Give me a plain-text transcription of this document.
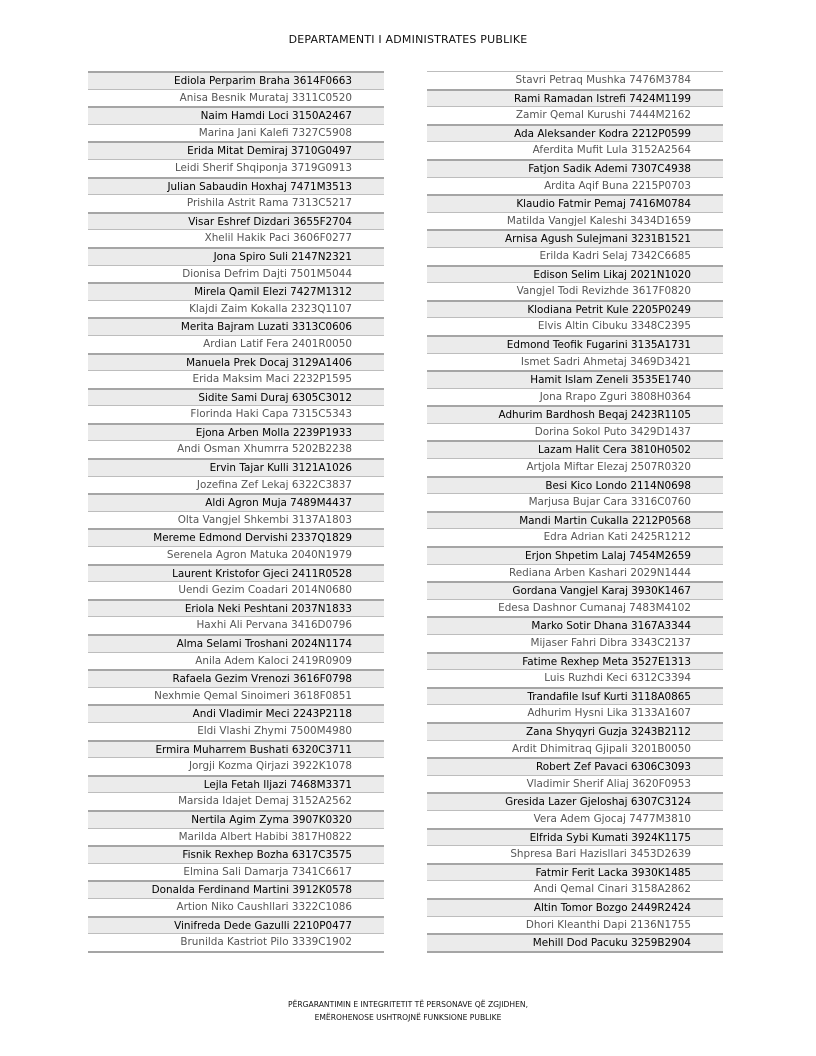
DEPARTAMENTI I ADMINISTRATES PUBLIKE
Ediola Perparim Braha 3614F0663
Anisa Besnik Murataj 3311C0520
Naim Hamdi Loci 3150A2467
Marina Jani Kalefi 7327C5908
Erida Mitat Demiraj 3710G0497
Leidi Sherif Shqiponja 3719G0913
Julian Sabaudin Hoxhaj 7471M3513
Prishila Astrit Rama 7313C5217
Visar Eshref Dizdari 3655F2704
Xhelil Hakik Paci 3606F0277
Jona Spiro Suli 2147N2321
Dionisa Defrim Dajti 7501M5044
Mirela Qamil Elezi 7427M1312
Klajdi Zaim Kokalla 2323Q1107
Merita Bajram Luzati 3313C0606
Ardian Latif Fera 2401R0050
Manuela Prek Docaj 3129A1406
Erida Maksim Maci 2232P1595
Sidite Sami Duraj 6305C3012
Florinda Haki Capa 7315C5343
Ejona Arben Molla 2239P1933
Andi Osman Xhumrra 5202B2238
Ervin Tajar Kulli 3121A1026
Jozefina Zef Lekaj 6322C3837
Aldi Agron Muja 7489M4437
Olta Vangjel Shkembi 3137A1803
Mereme Edmond Dervishi 2337Q1829
Serenela Agron Matuka 2040N1979
Laurent Kristofor Gjeci 2411R0528
Uendi Gezim Coadari 2014N0680
Eriola Neki Peshtani 2037N1833
Haxhi Ali Pervana 3416D0796
Alma Selami Troshani 2024N1174
Anila Adem Kaloci 2419R0909
Rafaela Gezim Vrenozi 3616F0798
Nexhmie Qemal Sinoimeri 3618F0851
Andi Vladimir Meci 2243P2118
Eldi Vlashi Zhymi 7500M4980
Ermira Muharrem Bushati 6320C3711
Jorgji Kozma Qirjazi 3922K1078
Lejla Fetah Iljazi 7468M3371
Marsida Idajet Demaj 3152A2562
Nertila Agim Zyma 3907K0320
Marilda Albert Habibi 3817H0822
Fisnik Rexhep Bozha 6317C3575
Elmina Sali Damarja 7341C6617
Donalda Ferdinand Martini 3912K0578
Artion Niko Caushllari 3322C1086
Vinifreda Dede Gazulli 2210P0477
Brunilda Kastriot Pilo 3339C1902
Stavri Petraq Mushka 7476M3784
Rami Ramadan Istrefi 7424M1199
Zamir Qemal Kurushi 7444M2162
Ada Aleksander Kodra 2212P0599
Aferdita Mufit Lula 3152A2564
Fatjon Sadik Ademi 7307C4938
Ardita Aqif Buna 2215P0703
Klaudio Fatmir Pemaj 7416M0784
Matilda Vangjel Kaleshi 3434D1659
Arnisa Agush Sulejmani 3231B1521
Erilda Kadri Selaj 7342C6685
Edison Selim Likaj 2021N1020
Vangjel Todi Revizhde 3617F0820
Klodiana Petrit Kule 2205P0249
Elvis Altin Cibuku 3348C2395
Edmond Teofik Fugarini 3135A1731
Ismet Sadri Ahmetaj 3469D3421
Hamit Islam Zeneli 3535E1740
Jona Rrapo Zguri 3808H0364
Adhurim Bardhosh Beqaj 2423R1105
Dorina Sokol Puto 3429D1437
Lazam Halit Cera 3810H0502
Artjola Miftar Elezaj 2507R0320
Besi Kico Londo 2114N0698
Marjusa Bujar Cara 3316C0760
Mandi Martin Cukalla 2212P0568
Edra Adrian Kati 2425R1212
Erjon Shpetim Lalaj 7454M2659
Rediana Arben Kashari 2029N1444
Gordana Vangjel Karaj 3930K1467
Edesa Dashnor Cumanaj 7483M4102
Marko Sotir Dhana 3167A3344
Mijaser Fahri Dibra 3343C2137
Fatime Rexhep Meta 3527E1313
Luis Ruzhdi Keci 6312C3394
Trandafile Isuf Kurti 3118A0865
Adhurim Hysni Lika 3133A1607
Zana Shyqyri Guzja 3243B2112
Ardit Dhimitraq Gjipali 3201B0050
Robert Zef Pavaci 6306C3093
Vladimir Sherif Aliaj 3620F0953
Gresida Lazer Gjeloshaj 6307C3124
Vera Adem Gjocaj 7477M3810
Elfrida Sybi Kumati 3924K1175
Shpresa Bari Hazisllari 3453D2639
Fatmir Ferit Lacka 3930K1485
Andi Qemal Cinari 3158A2862
Altin Tomor Bozgo 2449R2424
Dhori Kleanthi Dapi 2136N1755
Mehill Dod Pacuku 3259B2904
PËRGARANTIMIN E INTEGRITETIT TË PERSONAVE QË ZGJIDHEN,
EMËROHENOSE USHTROJNË FUNKSIONE PUBLIKE
